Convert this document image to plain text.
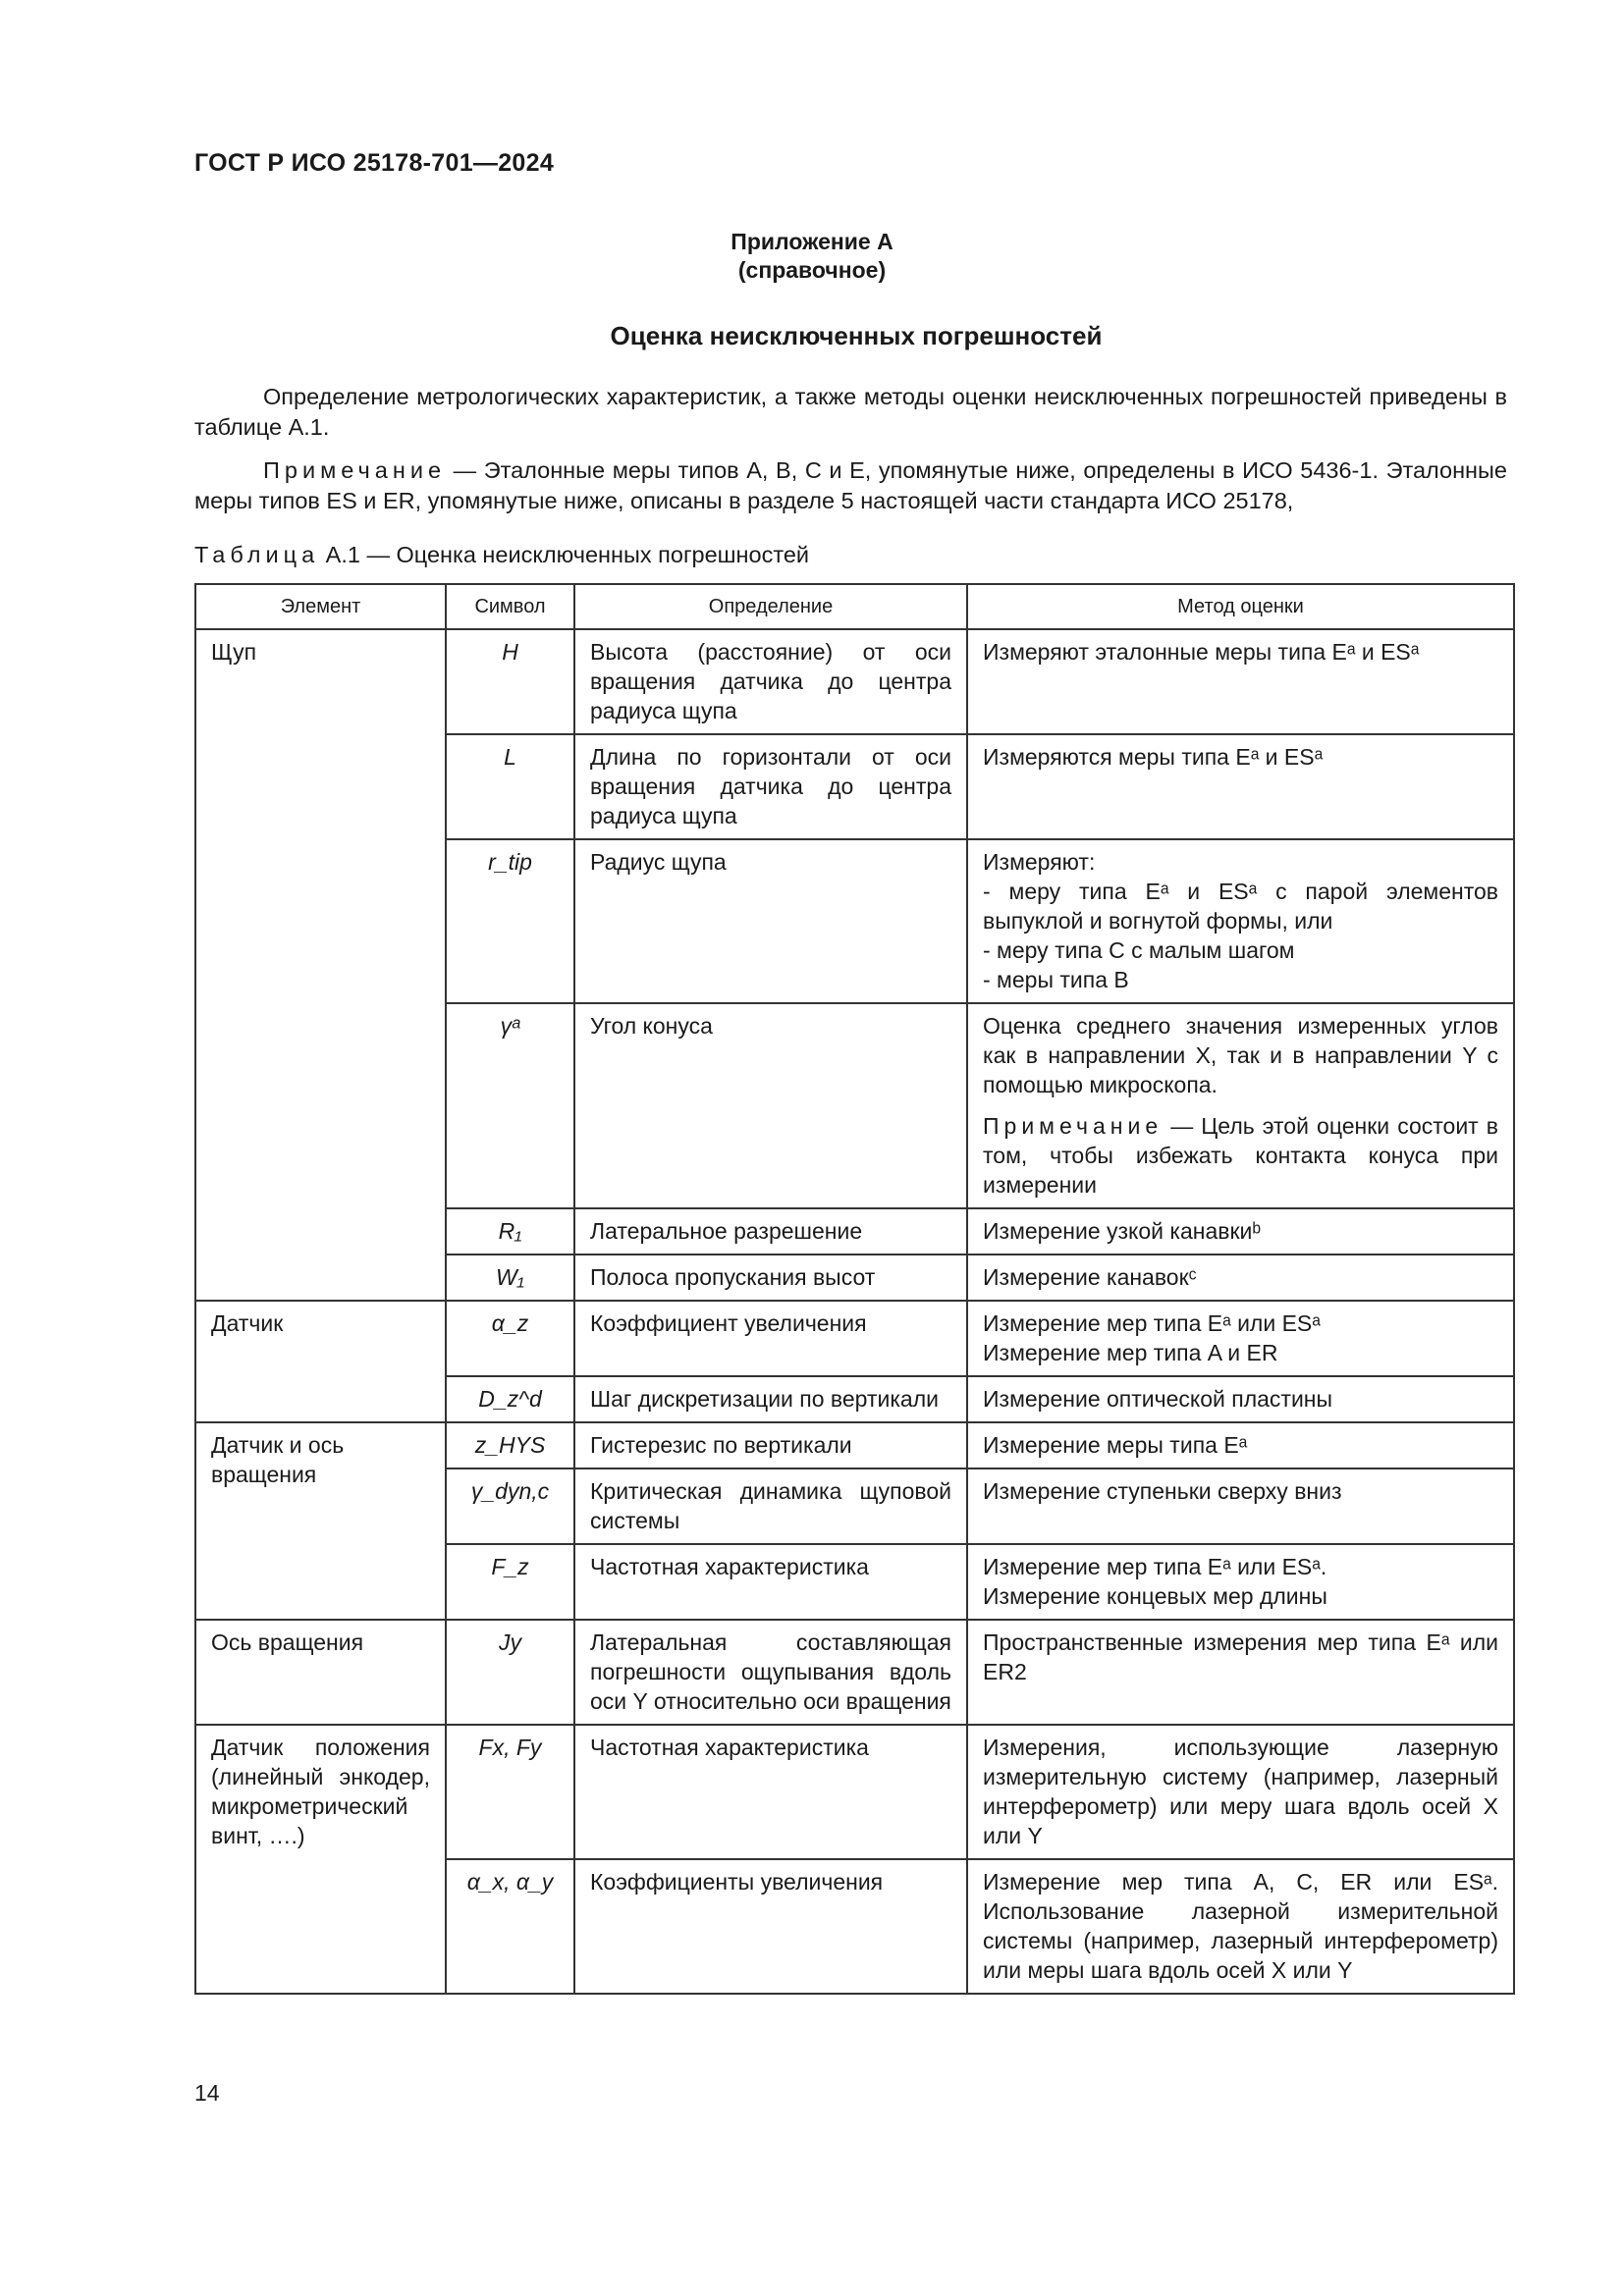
ГОСТ Р ИСО 25178-701—2024
Приложение А
(справочное)
Оценка неисключенных погрешностей
Определение метрологических характеристик, а также методы оценки неисключенных погрешностей приведены в таблице А.1.
Примечание — Эталонные меры типов А, В, С и Е, упомянутые ниже, определены в ИСО 5436-1. Эталонные меры типов ES и ER, упомянутые ниже, описаны в разделе 5 настоящей части стандарта ИСО 25178,
Таблица А.1 — Оценка неисключенных погрешностей
Элемент	Символ	Определение	Метод оценки
Щуп	H	Высота (расстояние) от оси вращения датчика до центра радиуса щупа	Измеряют эталонные меры типа Eᵃ и ESᵃ
	L	Длина по горизонтали от оси вращения датчика до центра радиуса щупа	Измеряются меры типа Eᵃ и ESᵃ
	r_tip	Радиус щупа	Измеряют:
- меру типа Eᵃ и ESᵃ с парой элементов выпуклой и вогнутой формы, или
- меру типа C с малым шагом
- меры типа B
	γᵃ	Угол конуса	Оценка среднего значения измеренных углов как в направлении X, так и в направлении Y с помощью микроскопа.
Примечание — Цель этой оценки состоит в том, чтобы избежать контакта конуса при измерении

	R₁	Латеральное разрешение	Измерение узкой канавкиᵇ
	W₁	Полоса пропускания высот	Измерение канавокᶜ
Датчик	α_z	Коэффициент увеличения	Измерение мер типа Eᵃ или ESᵃ
Измерение мер типа A и ER
	D_z^d	Шаг дискретизации по вертикали	Измерение оптической пластины
Датчик и ось вращения	z_HYS	Гистерезис по вертикали	Измерение меры типа Eᵃ
	γ_dyn,c	Критическая динамика щуповой системы	Измерение ступеньки сверху вниз
	F_z	Частотная характеристика	Измерение мер типа Eᵃ или ESᵃ.
Измерение концевых мер длины
Ось вращения	Jy	Латеральная составляющая погрешности ощупывания вдоль оси Y относительно оси вращения	Пространственные измерения мер типа Eᵃ или ER2
Датчик положения (линейный энкодер, микрометрический винт, ….)	Fx, Fy	Частотная характеристика	Измерения, использующие лазерную измерительную систему (например, лазерный интерферометр) или меру шага вдоль осей X или Y
	α_x, α_y	Коэффициенты увеличения	Измерение мер типа A, C, ER или ESᵃ. Использование лазерной измерительной системы (например, лазерный интерферометр) или меры шага вдоль осей X или Y
14
